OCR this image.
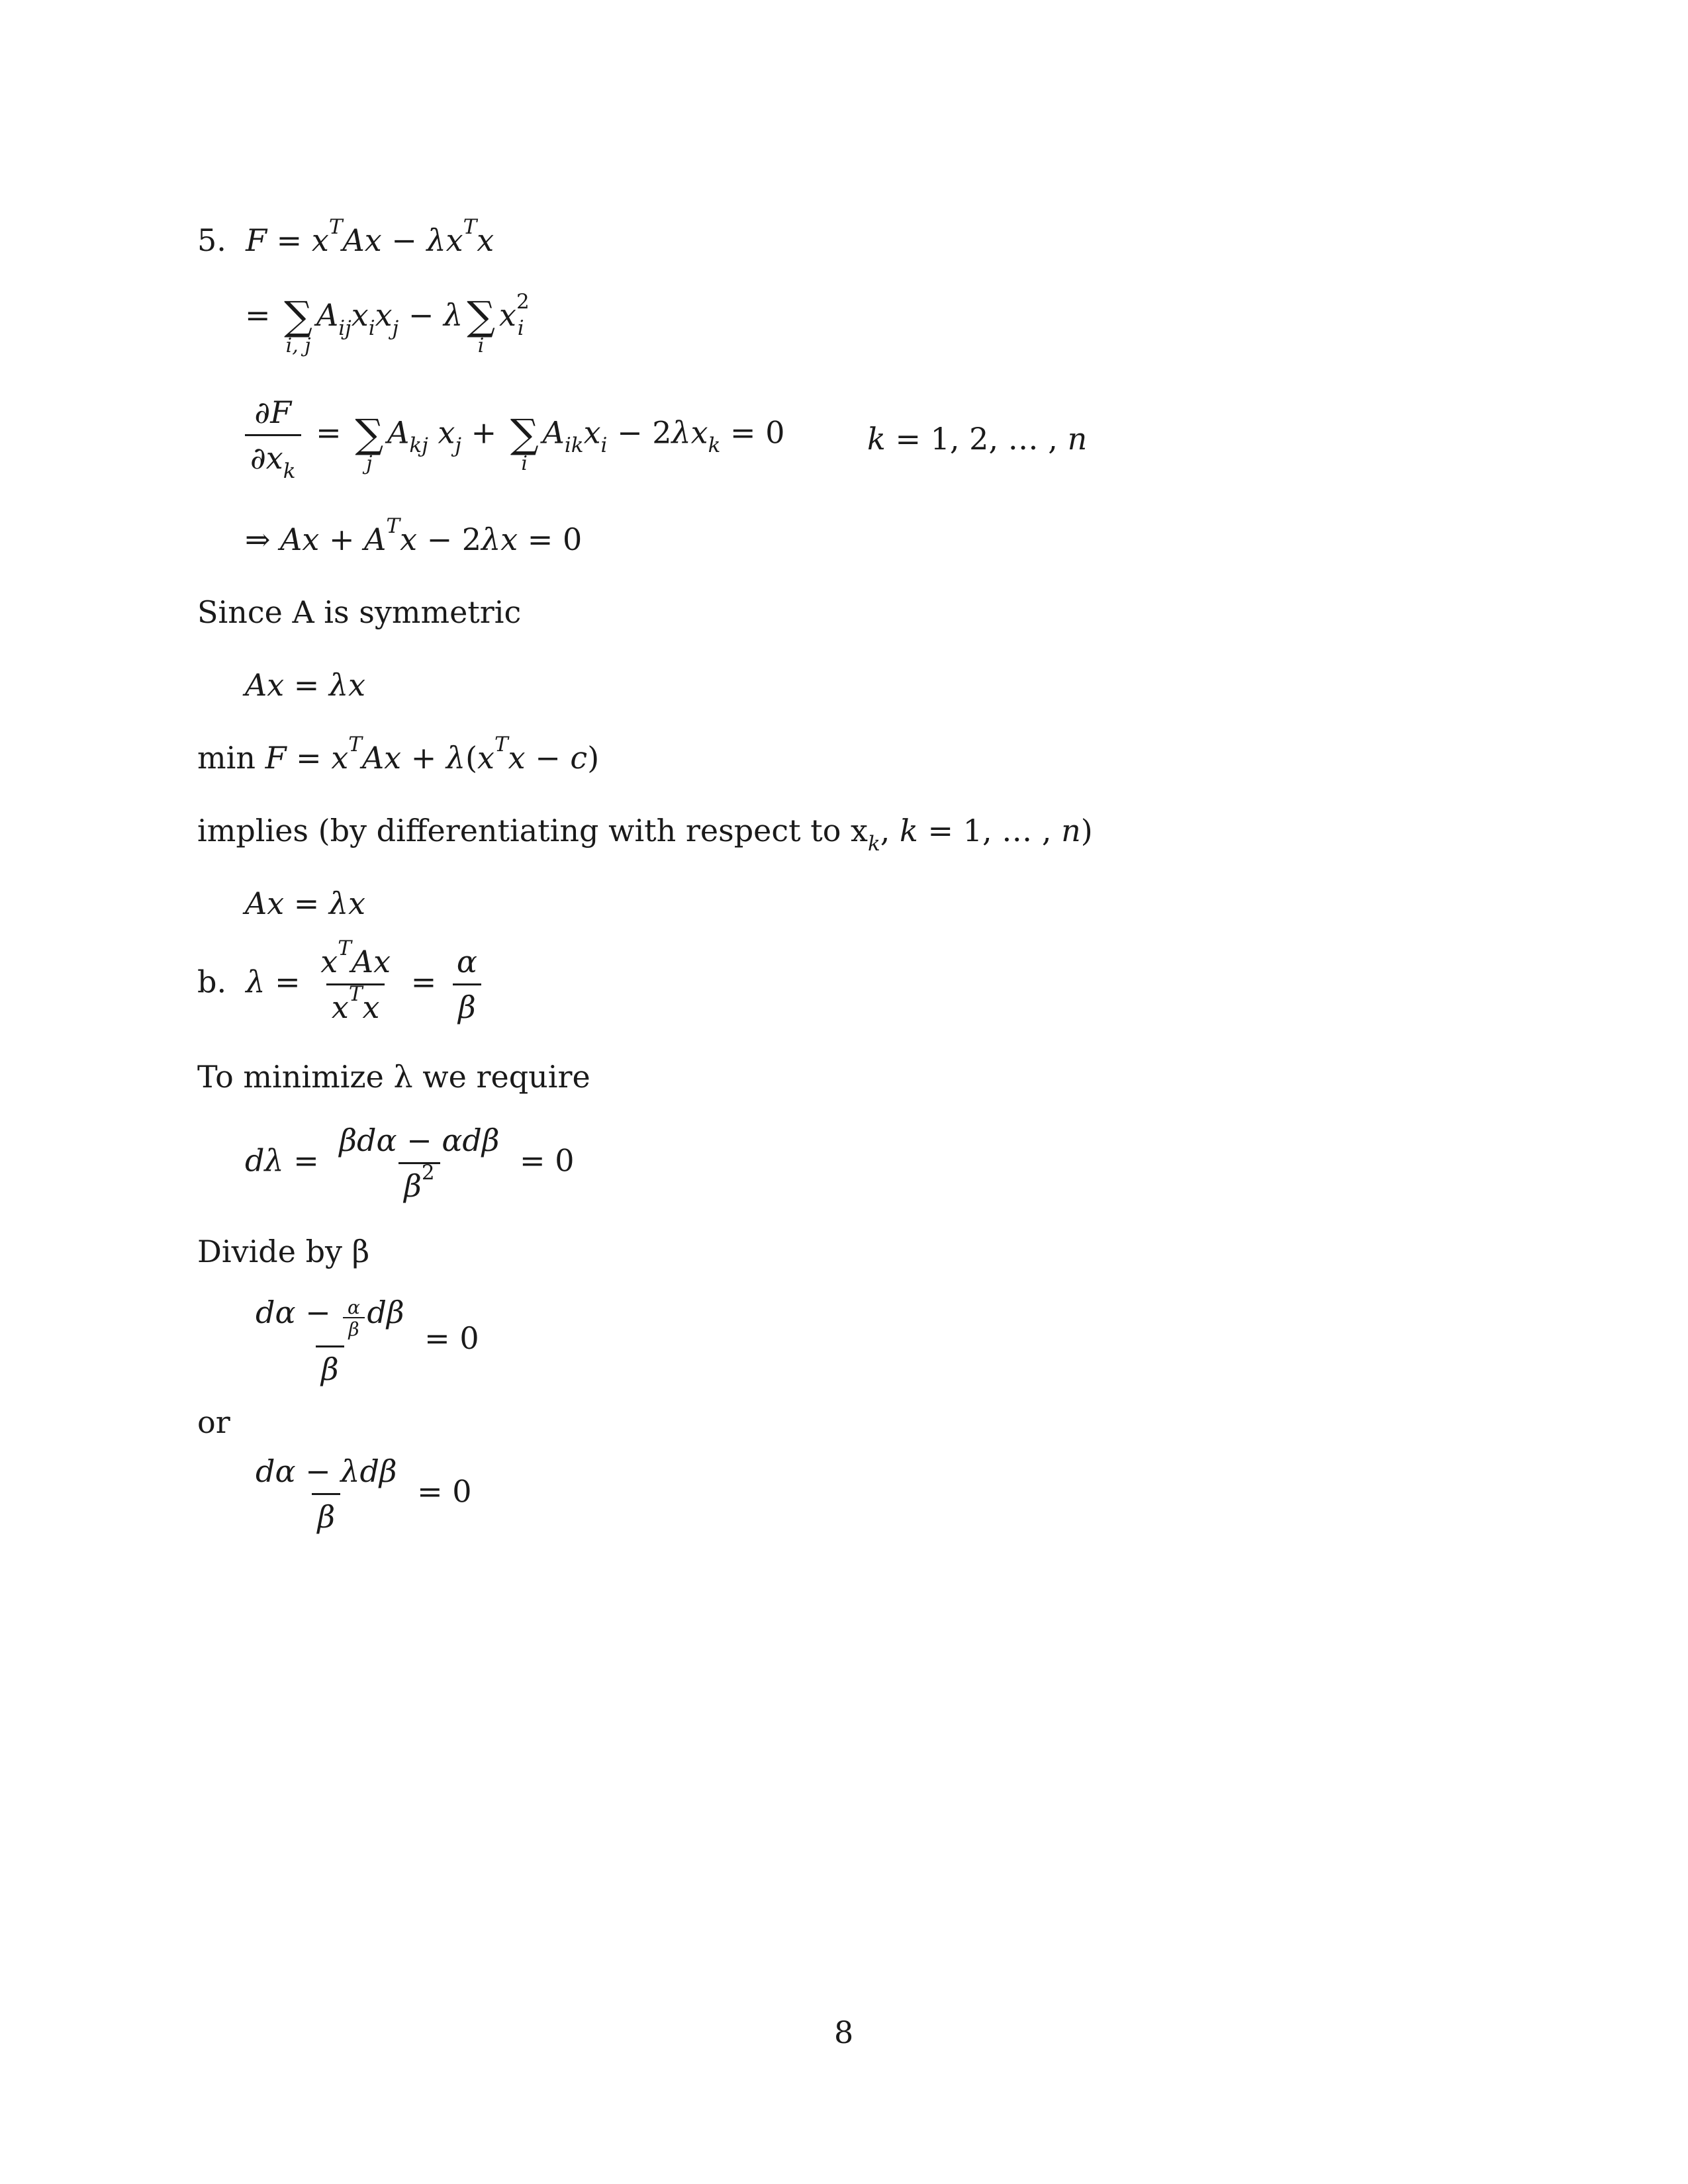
5. $F = x^TAx - \lambda x^Tx$
= ∑
i, j
$A_{ij}x_ix_j - \lambda$ ∑
i
$x^2_i$
$\frac{\partial F}{\partial x_k}$ = ∑
j
$A_{kj}$ $x_j$ + ∑
i
$A_{ik}x_i - 2\lambda x_k = 0$	k = 1, 2, … , n
⇒ $Ax + A^Tx - 2\lambda x = 0$
Since A is symmetric
Ax = λx
$\min F = x^TAx + \lambda(x^Tx - c)$
implies (by differentiating with respect to $x_k$, k = 1, … , n)
Ax = λx
b. $\lambda = \frac{x^TAx}{x^Tx} = \frac{\alpha}{\beta}$
To minimize λ we require
$d\lambda = \frac{\text{βdα − αdβ}}{\beta^2} = 0$
Divide by β
$\frac{d\alpha - \frac{\alpha}{\beta} d\beta}{\beta} = 0$
or
$\frac{\text{dα − λdβ}}{\beta} = 0$
8
